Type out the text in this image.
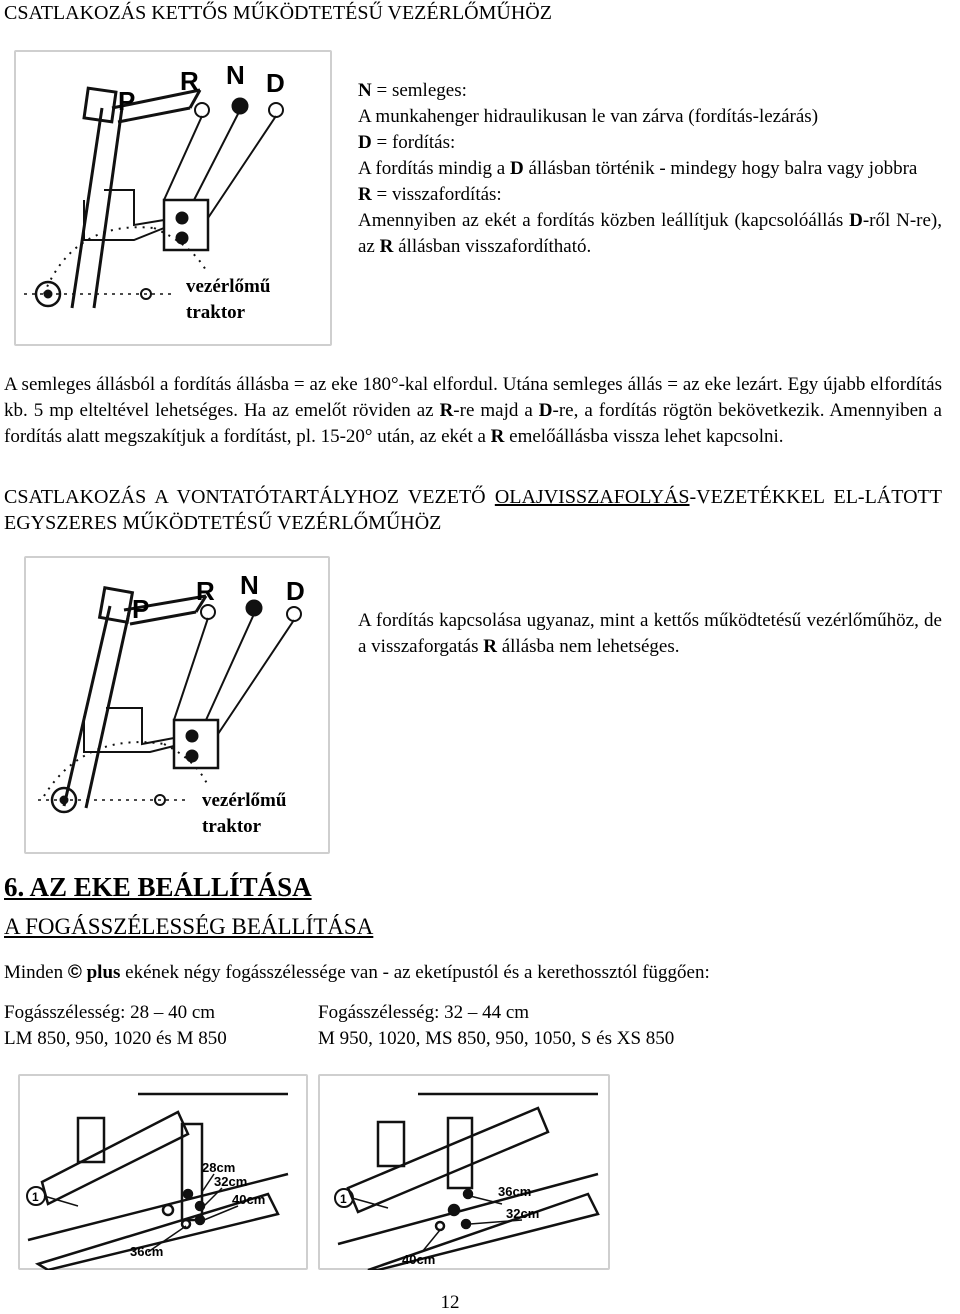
CSATLAKOZÁS KETTŐS MŰKÖDTETÉSŰ VEZÉRLŐMŰHÖZ
P
R N D
vezérlőmű
traktor

N = semleges:

A munkahenger hidraulikusan le van zárva (fordítás-lezárás)

D = fordítás:

A fordítás mindig a D állásban történik - mindegy hogy balra vagy jobbra

R = visszafordítás:

Amennyiben az ekét a fordítás közben leállítjuk (kapcsolóállás D-ről N-re), az R állásban visszafordítható.

A semleges állásból a fordítás állásba = az eke 180°-kal elfordul. Utána semleges állás = az eke lezárt. Egy újabb elfordítás kb. 5 mp elteltével lehetséges. Ha az emelőt röviden az R-re majd a D-re, a fordítás rögtön bekövetkezik. Amennyiben a fordítás alatt megszakítjuk a fordítást, pl. 15-20° után, az ekét a R emelőállásba vissza lehet kapcsolni.

CSATLAKOZÁS A VONTATÓTARTÁLYHOZ VEZETŐ OLAJVISSZAFOLYÁS-VEZETÉKKEL EL-LÁTOTT EGYSZERES MŰKÖDTETÉSŰ VEZÉRLŐMŰHÖZ
P
R N D
vezérlőmű
traktor
A fordítás kapcsolása ugyanaz, mint a kettős működtetésű vezérlőműhöz, de a visszaforgatás R állásba nem lehetséges.
6. AZ EKE BEÁLLÍTÁSA
A FOGÁSSZÉLESSÉG BEÁLLÍTÁSA
Minden © plus ekének négy fogásszélessége van - az eketípustól és a kerethossztól függően:
Fogásszélesség: 28 – 40 cm
LM 850, 950, 1020 és M 850
Fogásszélesség: 32 – 44 cm
M 950, 1020, MS 850, 950, 1050, S és XS 850
1
28cm
32cm
40cm
36cm
1	36cm
32cm
40cm
12
